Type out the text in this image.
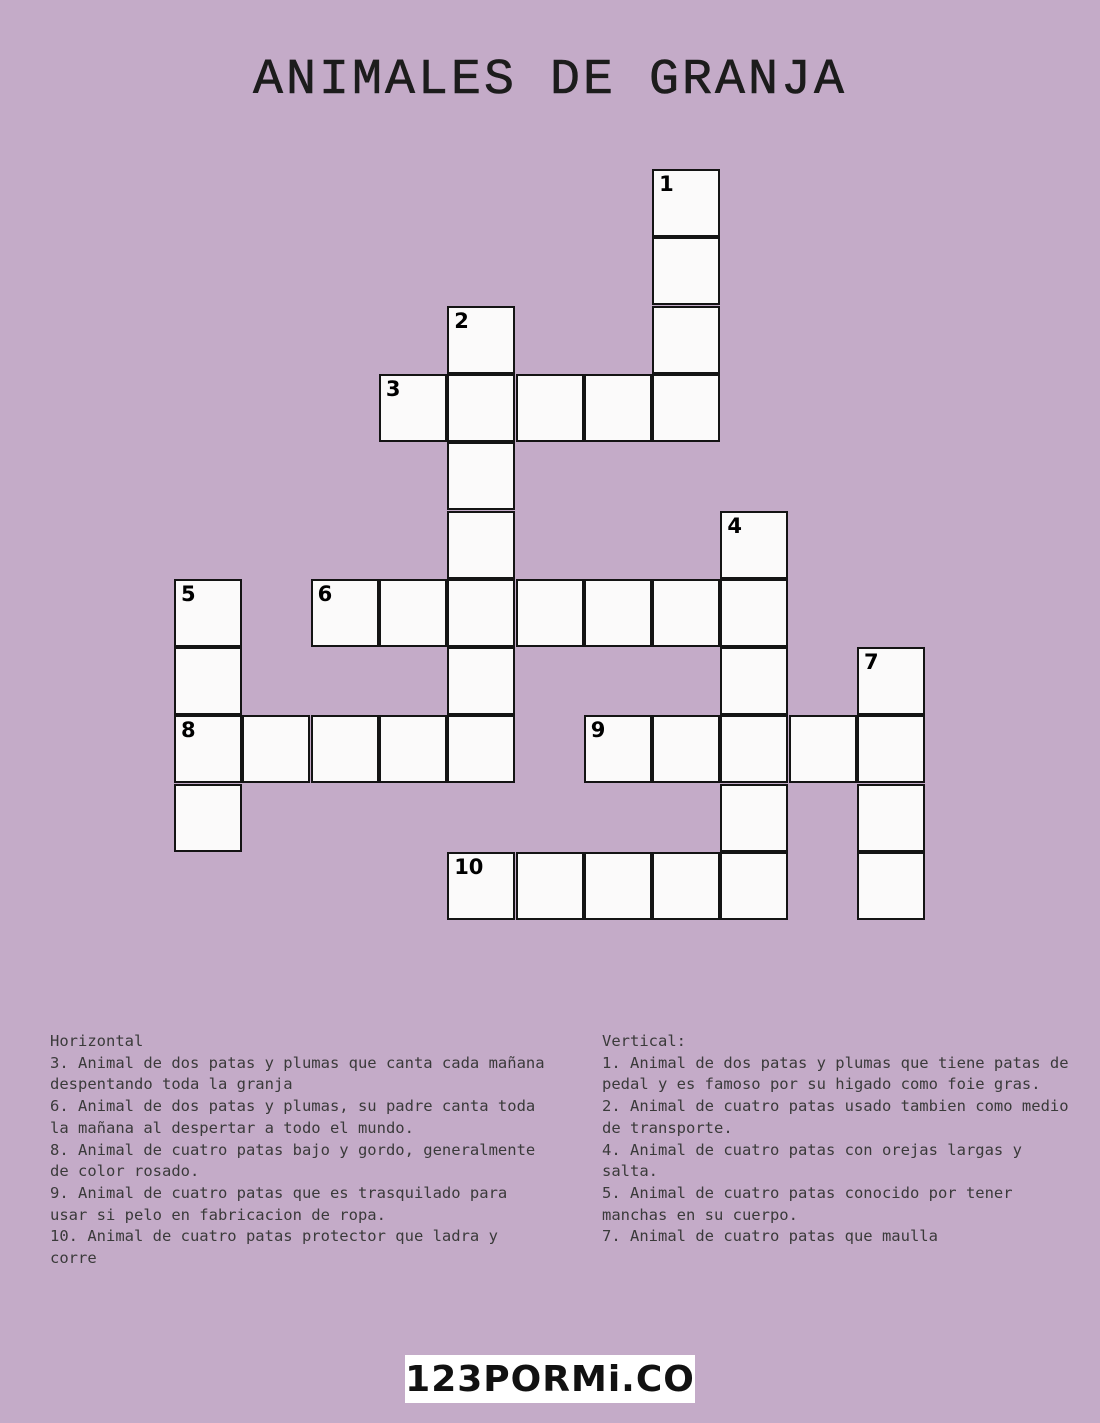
ANIMALES DE GRANJA
1
2
3
4
5	6
7
8	9
10
Horizontal
3. Animal de dos patas y plumas que canta cada mañana despentando toda la granja
6. Animal de dos patas y plumas, su padre canta toda la mañana al despertar a todo el mundo.
8. Animal de cuatro patas bajo y gordo, generalmente de color rosado.
9. Animal de cuatro patas que es trasquilado para usar si pelo en fabricacion de ropa.
10. Animal de cuatro patas protector que ladra y corre
Vertical:
1. Animal de dos patas y plumas que tiene patas de pedal y es famoso por su higado como foie gras.
2. Animal de cuatro patas usado tambien como medio de transporte.
4. Animal de cuatro patas con orejas largas y salta.
5. Animal de cuatro patas conocido por tener manchas en su cuerpo.
7. Animal de cuatro patas que maulla
123PORMi.CO
